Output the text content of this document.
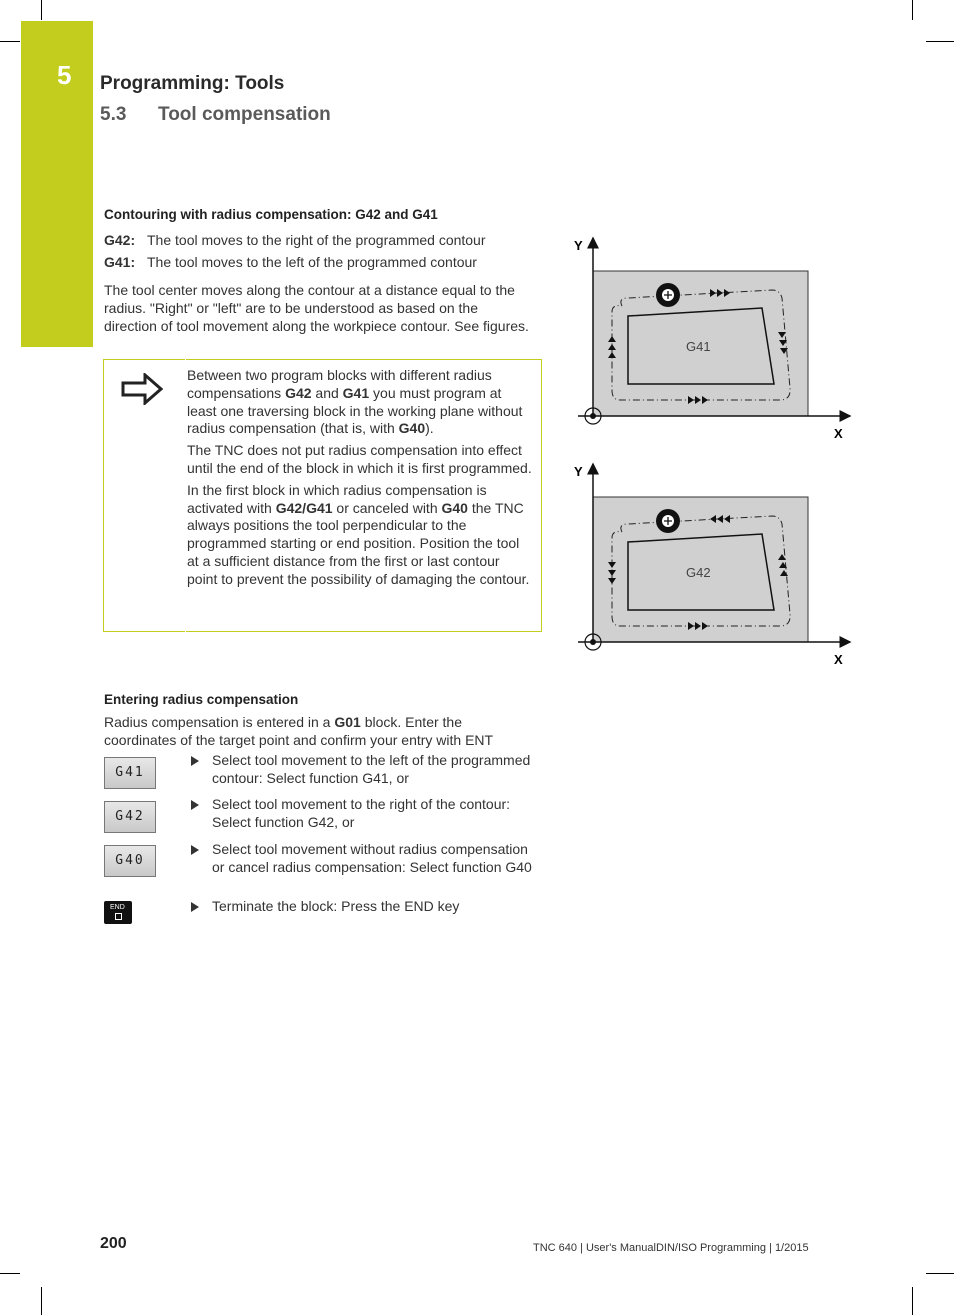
5 Programming: Tools
5.3 Tool compensation
Contouring with radius compensation: G42 and G41
G42: The tool moves to the right of the programmed contour
G41: The tool moves to the left of the programmed contour
The tool center moves along the contour at a distance equal to the radius. "Right" or "left" are to be understood as based on the direction of tool movement along the workpiece contour. See figures.

Between two program blocks with different radius compensations G42 and G41 you must program at least one traversing block in the working plane without radius compensation (that is, with G40).

The TNC does not put radius compensation into effect until the end of the block in which it is first programmed.

In the first block in which radius compensation is activated with G42/G41 or canceled with G40 the TNC always positions the tool perpendicular to the programmed starting or end position. Position the tool at a sufficient distance from the first or last contour point to prevent the possibility of damaging the contour.

Y
X
G41
Y
X
G42
Entering radius compensation
Radius compensation is entered in a G01 block. Enter the coordinates of the target point and confirm your entry with ENT
G41
Select tool movement to the left of the programmed contour: Select function G41, or
G42
Select tool movement to the right of the contour: Select function G42, or
G40
Select tool movement without radius compensation or cancel radius compensation: Select function G40
END	Terminate the block: Press the END key
200	TNC 640 | User's ManualDIN/ISO Programming | 1/2015
